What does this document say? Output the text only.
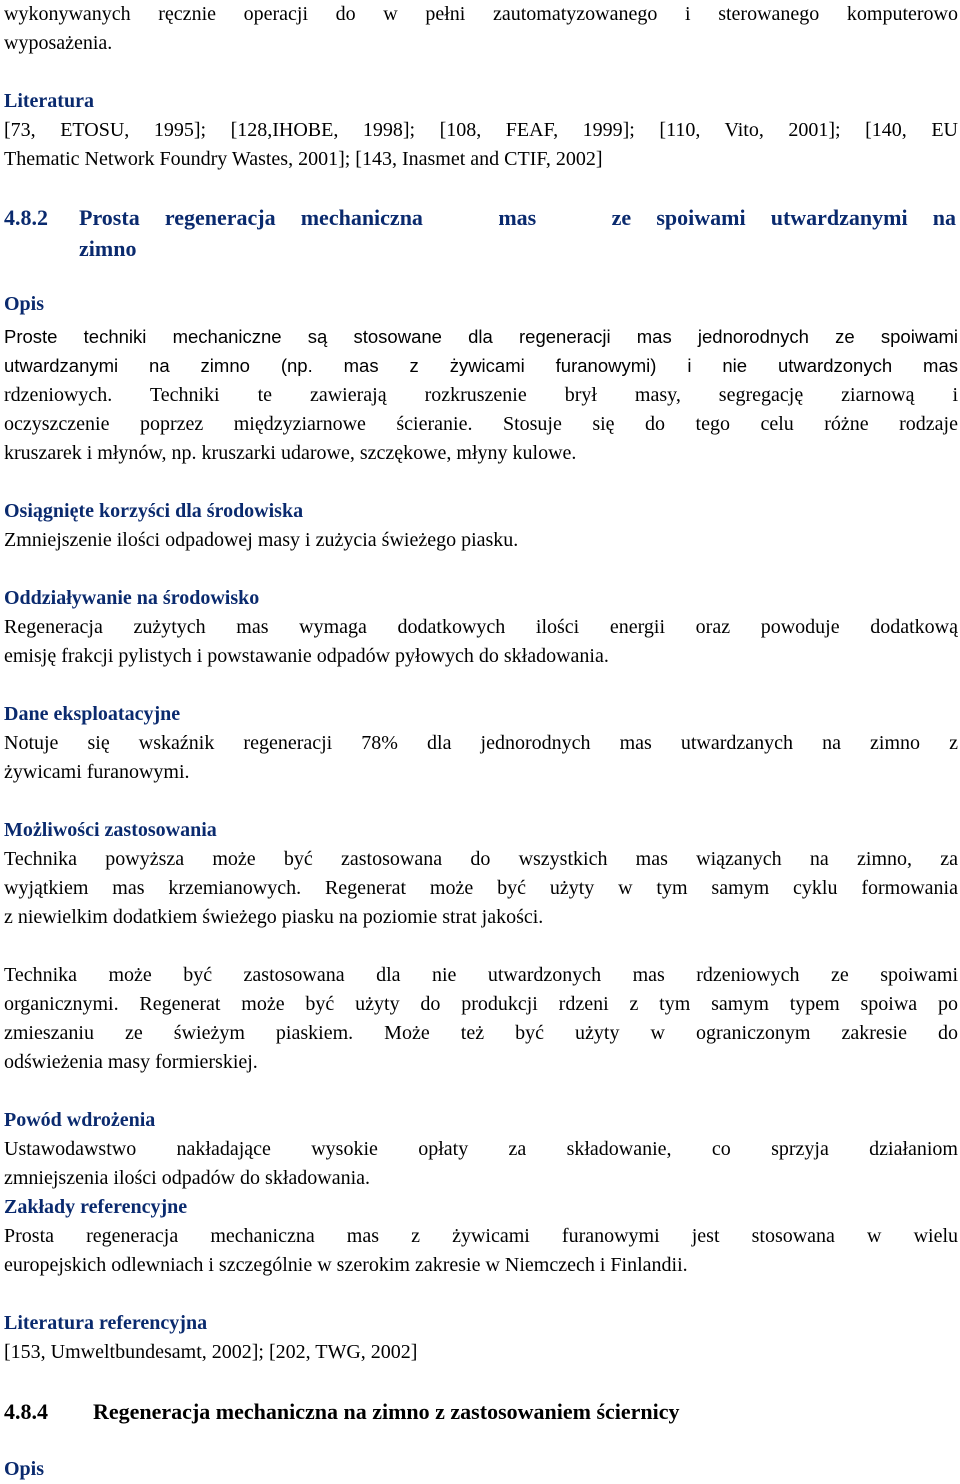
wykonywanych ręcznie operacji do w pełni zautomatyzowanego i sterowanego komputerowo
wyposażenia.
Literatura
[73, ETOSU, 1995]; [128,IHOBE, 1998]; [108, FEAF, 1999]; [110, Vito, 2001]; [140, EU
Thematic Network Foundry Wastes, 2001]; [143, Inasmet and CTIF, 2002]
4.8.2 Prosta regeneracja mechaniczna   mas   ze spoiwami utwardzanymi na
zimno
Opis
Proste techniki mechaniczne są stosowane dla regeneracji mas jednorodnych ze spoiwami
utwardzanymi na zimno (np. mas z żywicami furanowymi) i nie utwardzonych mas
rdzeniowych. Techniki te zawierają rozkruszenie brył masy, segregację ziarnową i
oczyszczenie poprzez międzyziarnowe ścieranie. Stosuje się do tego celu różne rodzaje
kruszarek i młynów, np. kruszarki udarowe, szczękowe, młyny kulowe.
Osiągnięte korzyści dla środowiska
Zmniejszenie ilości odpadowej masy i zużycia świeżego piasku.
Oddziaływanie na środowisko
Regeneracja zużytych mas wymaga dodatkowych ilości energii oraz powoduje dodatkową
emisję frakcji pylistych i powstawanie odpadów pyłowych do składowania.
Dane eksploatacyjne
Notuje się wskaźnik regeneracji 78% dla jednorodnych mas utwardzanych na zimno z
żywicami furanowymi.
Możliwości zastosowania
Technika powyższa może być zastosowana do wszystkich mas wiązanych na zimno, za
wyjątkiem mas krzemianowych. Regenerat może być użyty w tym samym cyklu formowania
z niewielkim dodatkiem świeżego piasku na poziomie strat jakości.
Technika może być zastosowana dla nie utwardzonych mas rdzeniowych ze spoiwami
organicznymi. Regenerat może być użyty do produkcji rdzeni z tym samym typem spoiwa po
zmieszaniu ze świeżym piaskiem. Może też być użyty w ograniczonym zakresie do
odświeżenia masy formierskiej.
Powód wdrożenia
Ustawodawstwo nakładające wysokie opłaty za składowanie, co sprzyja działaniom
zmniejszenia ilości odpadów do składowania.
Zakłady referencyjne
Prosta regeneracja mechaniczna mas z żywicami furanowymi jest stosowana w wielu
europejskich odlewniach i szczególnie w szerokim zakresie w Niemczech i Finlandii.
Literatura referencyjna
[153, Umweltbundesamt, 2002]; [202, TWG, 2002]
4.8.4 Regeneracja mechaniczna na zimno z zastosowaniem ściernicy
Opis
